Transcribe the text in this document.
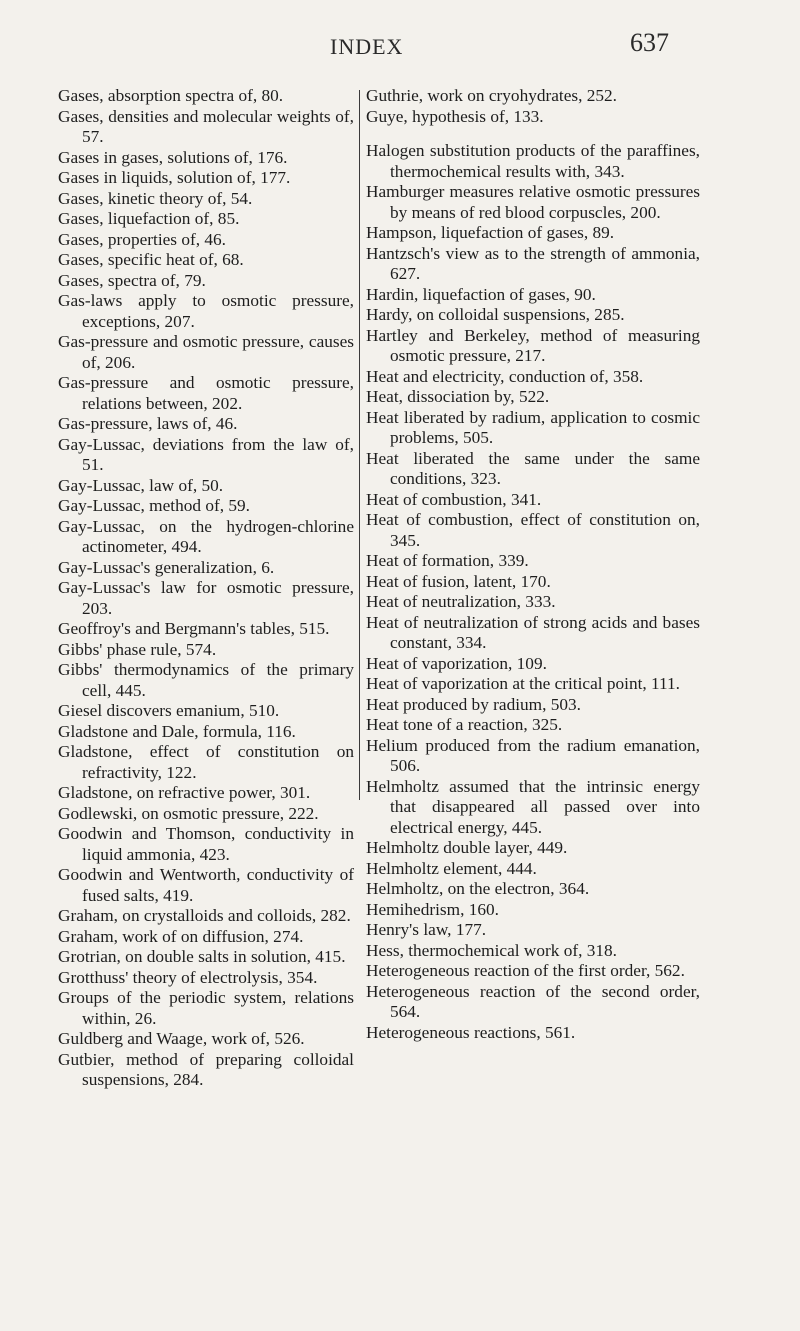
INDEX	637

Gases, absorption spectra of, 80.

Gases, densities and molecular weights of, 57.

Gases in gases, solutions of, 176.

Gases in liquids, solution of, 177.

Gases, kinetic theory of, 54.

Gases, liquefaction of, 85.

Gases, properties of, 46.

Gases, specific heat of, 68.

Gases, spectra of, 79.

Gas-laws apply to osmotic pressure, exceptions, 207.

Gas-pressure and osmotic pressure, causes of, 206.

Gas-pressure and osmotic pressure, relations between, 202.

Gas-pressure, laws of, 46.

Gay-Lussac, deviations from the law of, 51.

Gay-Lussac, law of, 50.

Gay-Lussac, method of, 59.

Gay-Lussac, on the hydrogen-chlorine actinometer, 494.

Gay-Lussac's generalization, 6.

Gay-Lussac's law for osmotic pressure, 203.

Geoffroy's and Bergmann's tables, 515.

Gibbs' phase rule, 574.

Gibbs' thermodynamics of the primary cell, 445.

Giesel discovers emanium, 510.

Gladstone and Dale, formula, 116.

Gladstone, effect of constitution on refractivity, 122.

Gladstone, on refractive power, 301.

Godlewski, on osmotic pressure, 222.

Goodwin and Thomson, conductivity in liquid ammonia, 423.

Goodwin and Wentworth, conductivity of fused salts, 419.

Graham, on crystalloids and colloids, 282.

Graham, work of on diffusion, 274.

Grotrian, on double salts in solution, 415.

Grotthuss' theory of electrolysis, 354.

Groups of the periodic system, relations within, 26.

Guldberg and Waage, work of, 526.

Gutbier, method of preparing colloidal suspensions, 284.

Guthrie, work on cryohydrates, 252.

Guye, hypothesis of, 133.

Halogen substitution products of the paraffines, thermochemical results with, 343.

Hamburger measures relative osmotic pressures by means of red blood corpuscles, 200.

Hampson, liquefaction of gases, 89.

Hantzsch's view as to the strength of ammonia, 627.

Hardin, liquefaction of gases, 90.

Hardy, on colloidal suspensions, 285.

Hartley and Berkeley, method of measuring osmotic pressure, 217.

Heat and electricity, conduction of, 358.

Heat, dissociation by, 522.

Heat liberated by radium, application to cosmic problems, 505.

Heat liberated the same under the same conditions, 323.

Heat of combustion, 341.

Heat of combustion, effect of constitution on, 345.

Heat of formation, 339.

Heat of fusion, latent, 170.

Heat of neutralization, 333.

Heat of neutralization of strong acids and bases constant, 334.

Heat of vaporization, 109.

Heat of vaporization at the critical point, 111.

Heat produced by radium, 503.

Heat tone of a reaction, 325.

Helium produced from the radium emanation, 506.

Helmholtz assumed that the intrinsic energy that disappeared all passed over into electrical energy, 445.

Helmholtz double layer, 449.

Helmholtz element, 444.

Helmholtz, on the electron, 364.

Hemihedrism, 160.

Henry's law, 177.

Hess, thermochemical work of, 318.

Heterogeneous reaction of the first order, 562.

Heterogeneous reaction of the second order, 564.

Heterogeneous reactions, 561.
